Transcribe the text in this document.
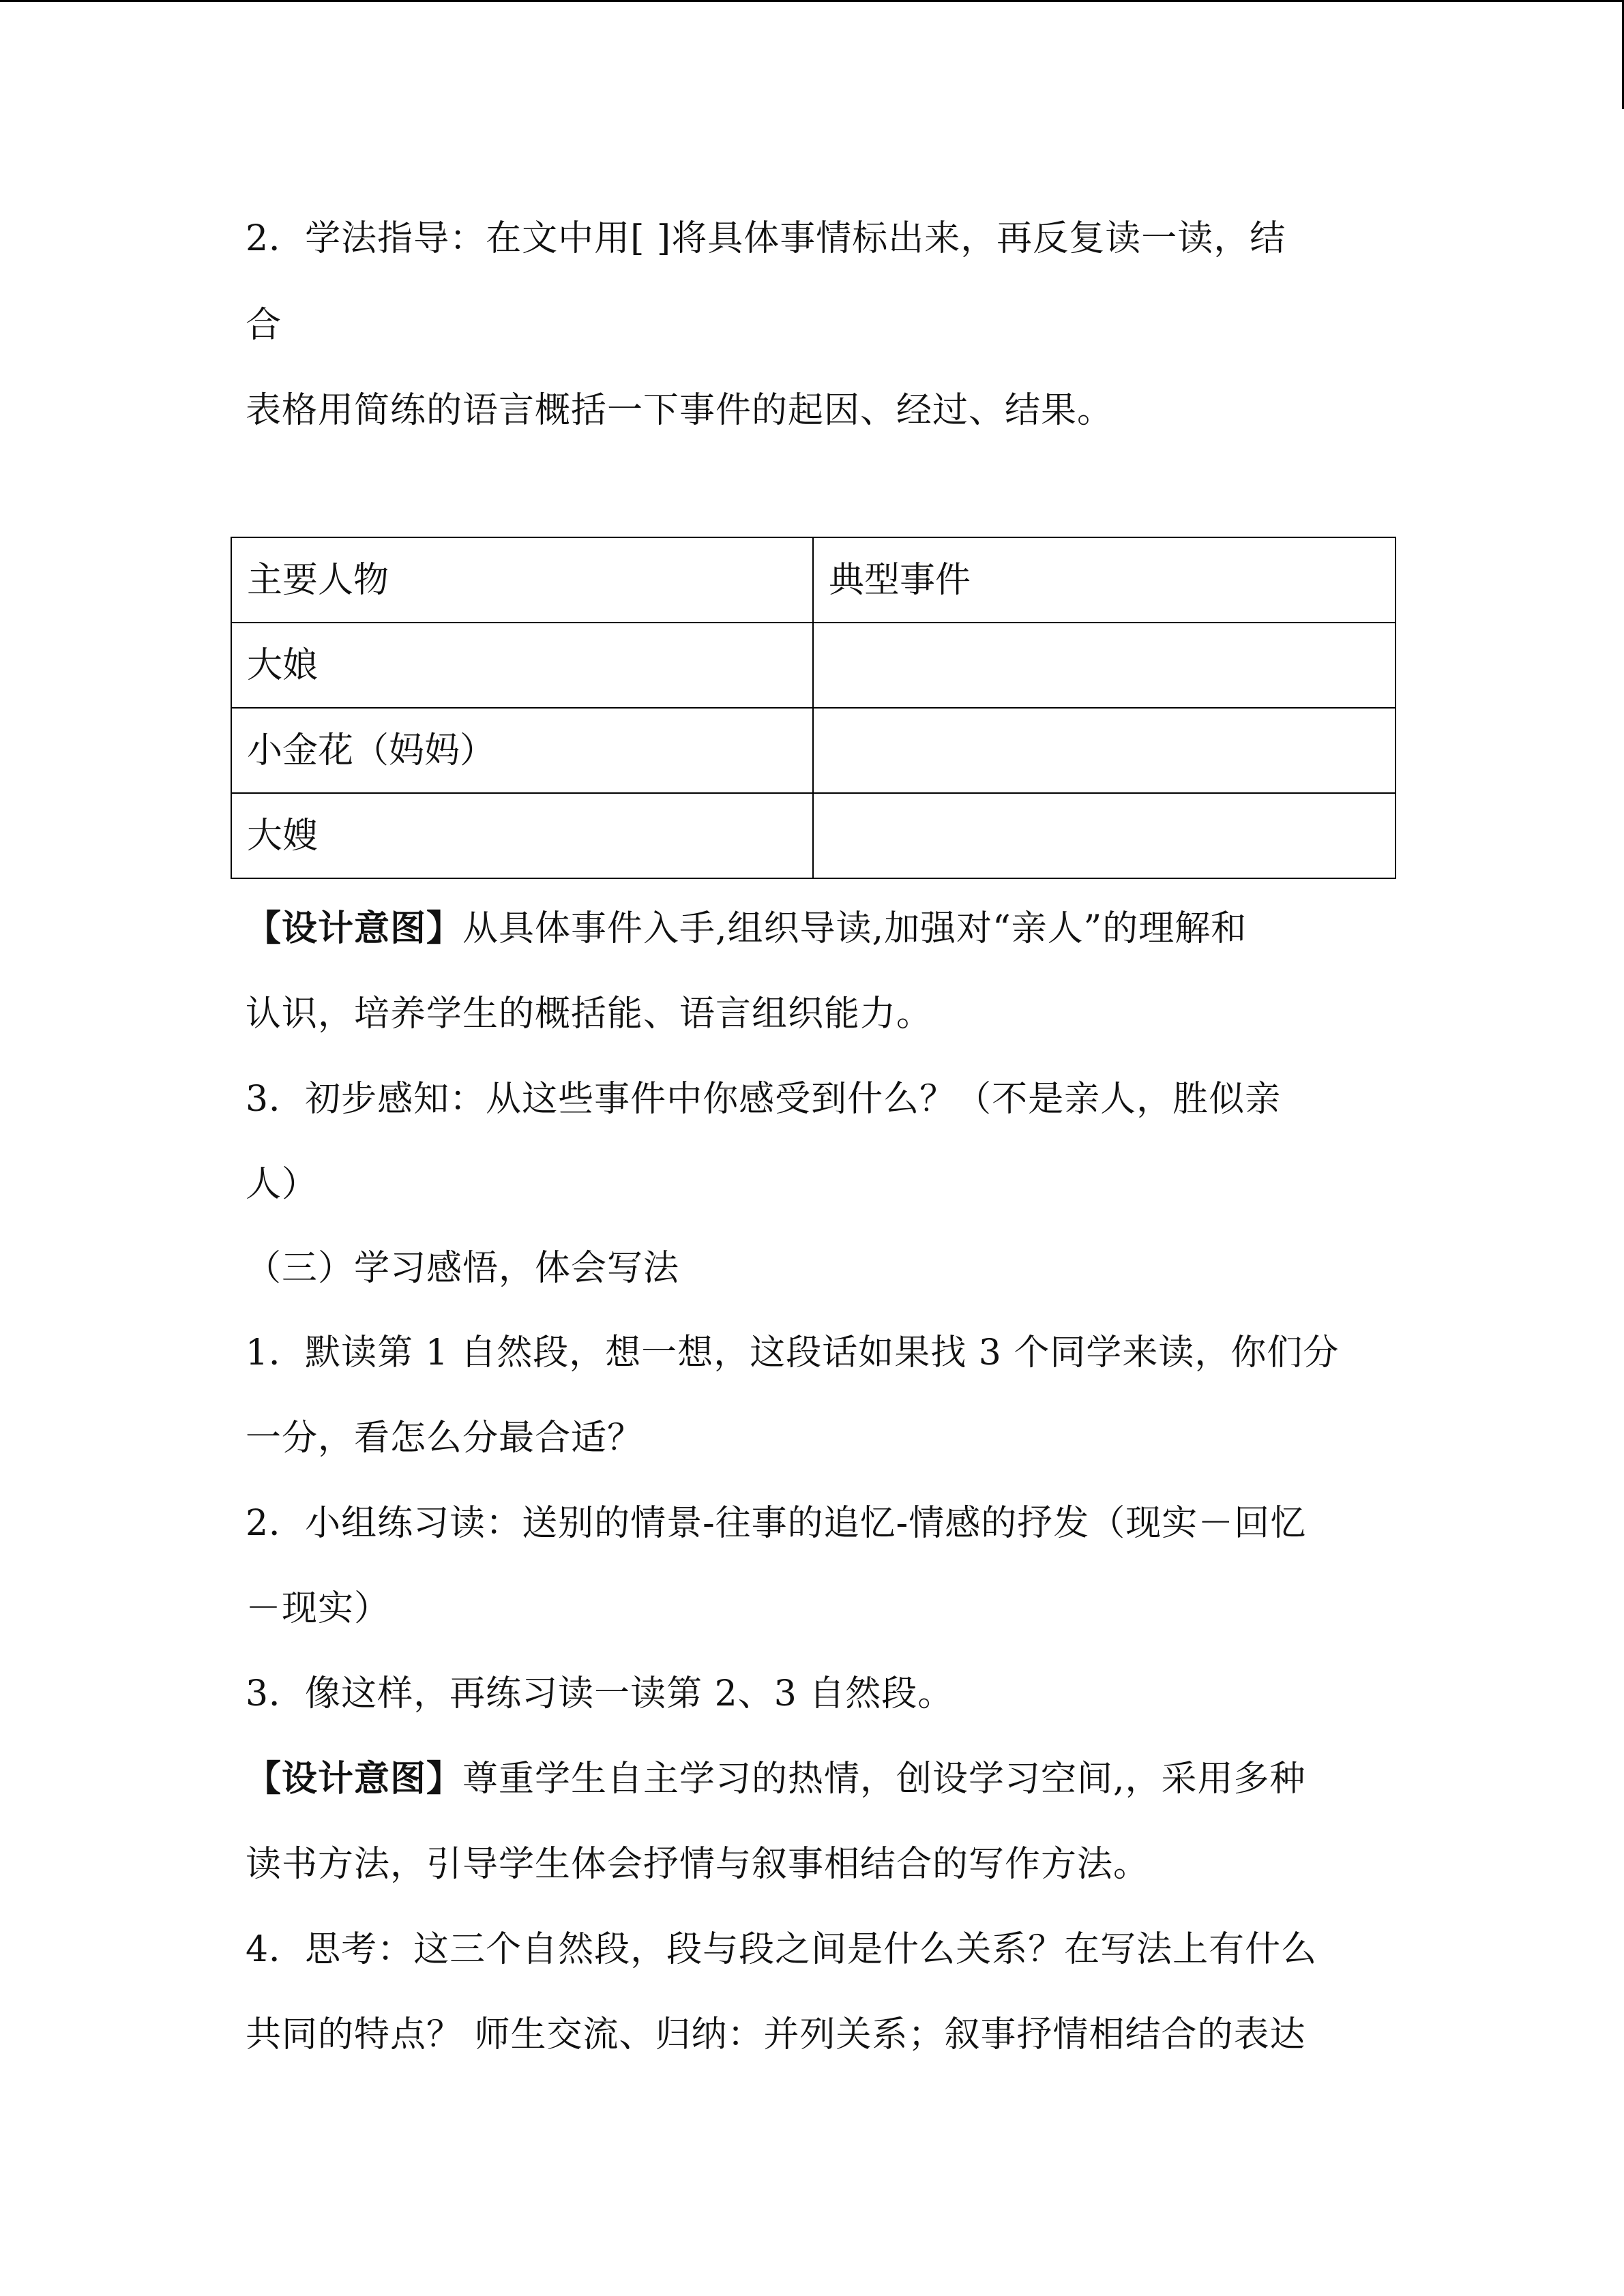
2．学法指导：在文中用[ ]将具体事情标出来，再反复读一读，结
合
表格用简练的语言概括一下事件的起因、经过、结果。
主要人物	典型事件
大娘	
小金花（妈妈）	
大嫂	
【设计意图】从具体事件入手,组织导读,加强对“亲人”的理解和
认识，培养学生的概括能、语言组织能力。
3．初步感知：从这些事件中你感受到什么？（不是亲人，胜似亲
人）
（三）学习感悟，体会写法
1．默读第 1 自然段，想一想，这段话如果找 3 个同学来读，你们分
一分，看怎么分最合适？
2．小组练习读：送别的情景-往事的追忆-情感的抒发（现实－回忆
－现实）
3．像这样，再练习读一读第 2、3 自然段。
【设计意图】尊重学生自主学习的热情，创设学习空间,，采用多种
读书方法，引导学生体会抒情与叙事相结合的写作方法。
4．思考：这三个自然段，段与段之间是什么关系？在写法上有什么
共同的特点？ 师生交流、归纳：并列关系；叙事抒情相结合的表达
